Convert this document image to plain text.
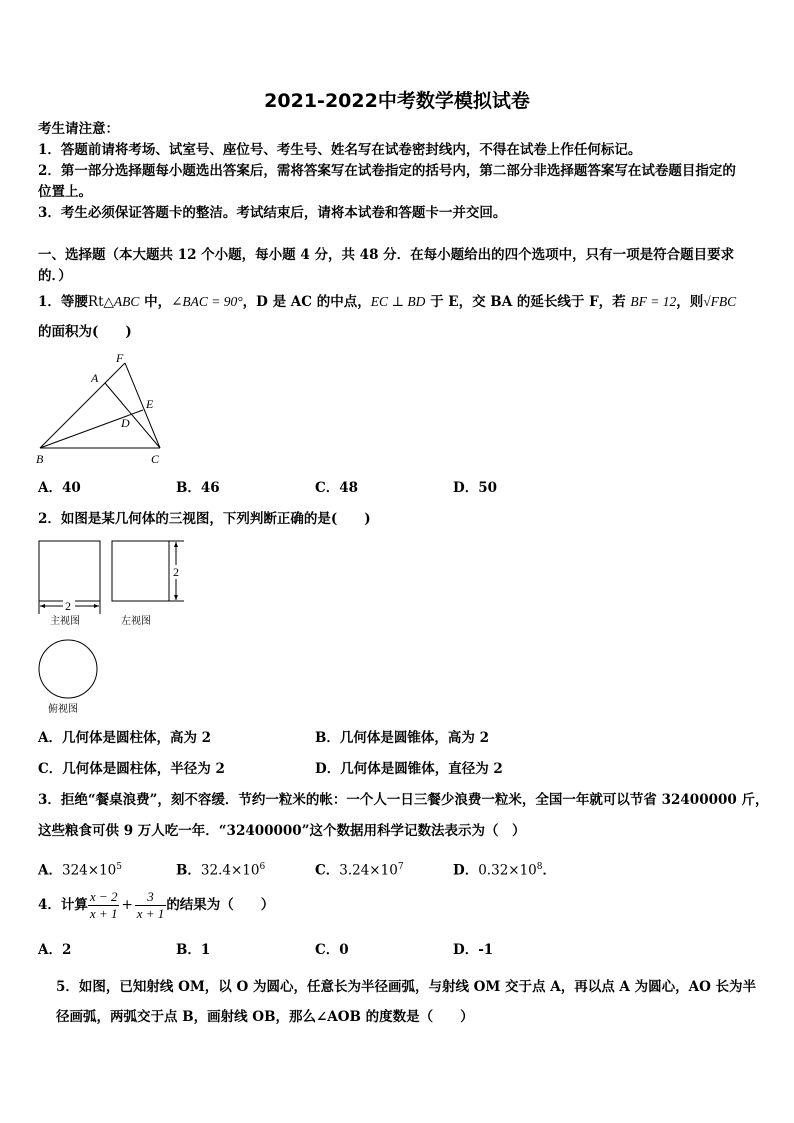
2021-2022中考数学模拟试卷
考生请注意：
1．答题前请将考场、试室号、座位号、考生号、姓名写在试卷密封线内，不得在试卷上作任何标记。
2．第一部分选择题每小题选出答案后，需将答案写在试卷指定的括号内，第二部分非选择题答案写在试卷题目指定的
位置上。
3．考生必须保证答题卡的整洁。考试结束后，请将本试卷和答题卡一并交回。
一、选择题（本大题共 12 个小题，每小题 4 分，共 48 分．在每小题给出的四个选项中，只有一项是符合题目要求
的．）
1．等腰Rt△ABC 中，∠BAC = 90°，D 是 AC 的中点，EC ⊥ BD 于 E，交 BA 的延长线于 F，若 BF = 12，则√FBC
的面积为(　　)
F
A
E
D
B	C
A．40	B．46	C．48	D．50
2．如图是某几何体的三视图，下列判断正确的是(　　)
2
2
主视图	左视图
俯视图
A．几何体是圆柱体，高为 2	B．几何体是圆锥体，高为 2
C．几何体是圆柱体，半径为 2	D．几何体是圆锥体，直径为 2
3．拒绝“餐桌浪费”，刻不容缓．节约一粒米的帐：一个人一日三餐少浪费一粒米，全国一年就可以节省 32400000 斤，
这些粮食可供 9 万人吃一年．“32400000”这个数据用科学记数法表示为（　）
A．$324\times 10^5$	B．$32.4\times 10^6$	C．$3.24\times 10^7$	D．$0.32\times 10^8$．
4．计算 $\frac{x - 2}{x + 1} + \frac{3}{x + 1}$ 的结果为（　　）
A．2	B．1	C．0	D．-1
5．如图，已知射线 OM，以 O 为圆心，任意长为半径画弧，与射线 OM 交于点 A，再以点 A 为圆心，AO 长为半
径画弧，两弧交于点 B，画射线 OB，那么∠AOB 的度数是（　　）
